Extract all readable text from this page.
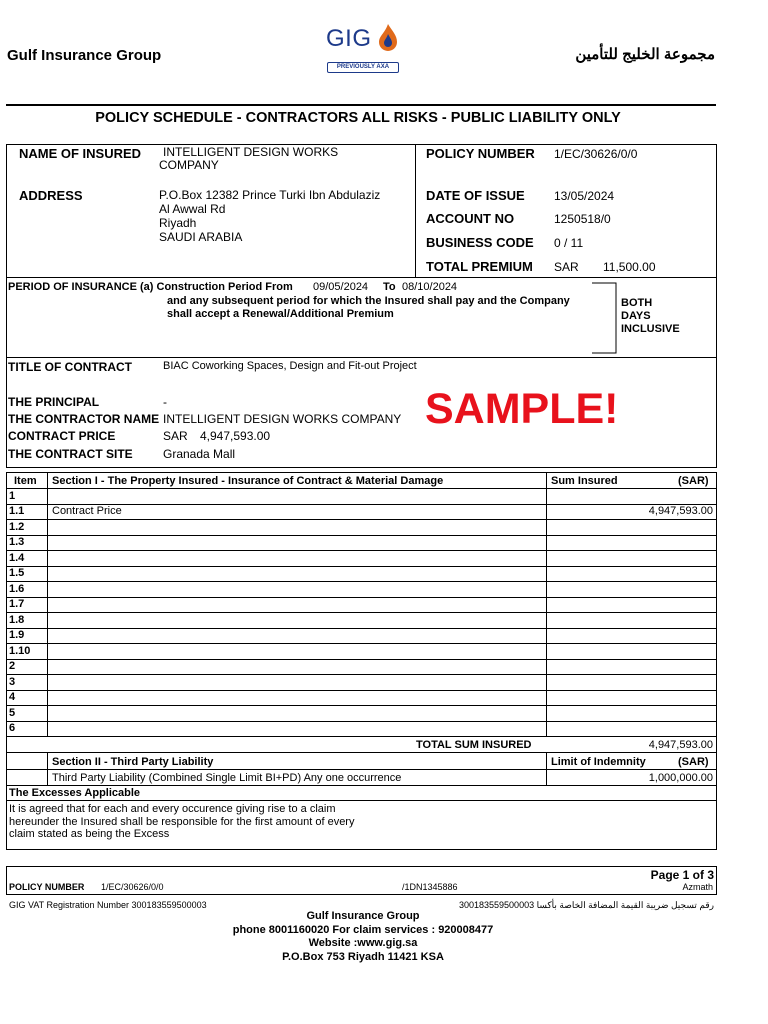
Gulf Insurance Group	مجموعة الخليج للتأمين
GIG
PREVIOUSLY AXA
POLICY SCHEDULE - CONTRACTORS ALL RISKS - PUBLIC LIABILITY ONLY
NAME OF INSURED INTELLIGENT DESIGN WORKS
COMPANY
ADDRESS	P.O.Box 12382 Prince Turki Ibn Abdulaziz
Al Awwal Rd
Riyadh
SAUDI ARABIA
POLICY NUMBER 1/EC/30626/0/0
DATE OF ISSUE 13/05/2024
ACCOUNT NO	1250518/0
BUSINESS CODE 0 / 11
TOTAL PREMIUM SAR 11,500.00
PERIOD OF INSURANCE (a) Construction Period From 09/05/2024 To 08/10/2024
and any subsequent period for which the Insured shall pay and the Company
shall accept a Renewal/Additional Premium
BOTH
DAYS
INCLUSIVE
TITLE OF CONTRACT	BIAC Coworking Spaces, Design and Fit-out Project
THE PRINCIPAL	-
THE CONTRACTOR NAME INTELLIGENT DESIGN WORKS COMPANY
CONTRACT PRICE	SAR 4,947,593.00
THE CONTRACT SITE	Granada Mall
SAMPLE!
Item Section I - The Property Insured - Insurance of Contract & Material Damage	Sum Insured	(SAR)
1
1.1	Contract Price	4,947,593.00
1.2
1.3
1.4
1.5
1.6
1.7
1.8
1.9
1.10
2
3
4
5
6
TOTAL SUM INSURED	4,947,593.00
Section II - Third Party Liability	Limit of Indemnity	(SAR)
Third Party Liability (Combined Single Limit BI+PD) Any one occurrence	1,000,000.00
The Excesses Applicable
It is agreed that for each and every occurence giving rise to a claim
hereunder the Insured shall be responsible for the first amount of every
claim stated as being the Excess
Page 1 of 3
POLICY NUMBER 1/EC/30626/0/0	/1DN1345886	Azmath
GIG VAT Registration Number 300183559500003	رقم تسجيل ضريبة القيمة المضافة الخاصة بأكسا 300183559500003
Gulf Insurance Group
phone 8001160020 For claim services : 920008477
Website :www.gig.sa
P.O.Box 753 Riyadh 11421 KSA
